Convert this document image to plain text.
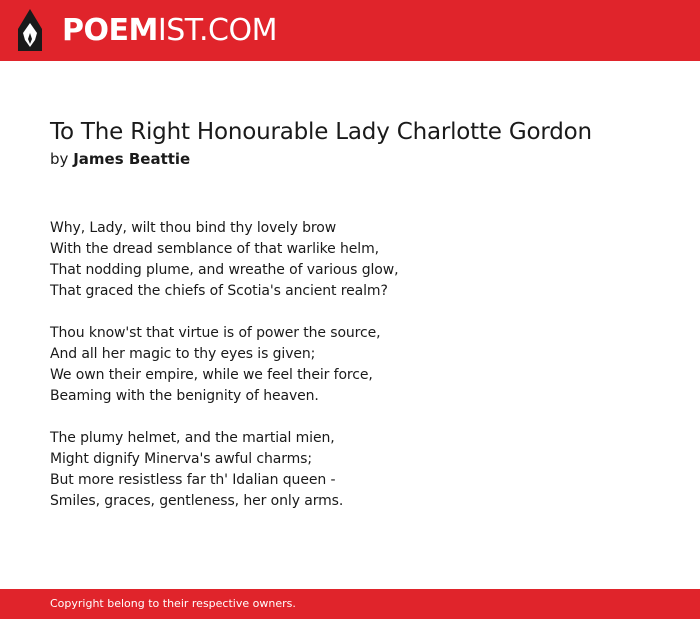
POEMIST.COM
To The Right Honourable Lady Charlotte Gordon
by James Beattie
Why, Lady, wilt thou bind thy lovely brow
With the dread semblance of that warlike helm,
That nodding plume, and wreathe of various glow,
That graced the chiefs of Scotia's ancient realm?
Thou know'st that virtue is of power the source,
And all her magic to thy eyes is given;
We own their empire, while we feel their force,
Beaming with the benignity of heaven.
The plumy helmet, and the martial mien,
Might dignify Minerva's awful charms;
But more resistless far th' Idalian queen -
Smiles, graces, gentleness, her only arms.
Copyright belong to their respective owners.
